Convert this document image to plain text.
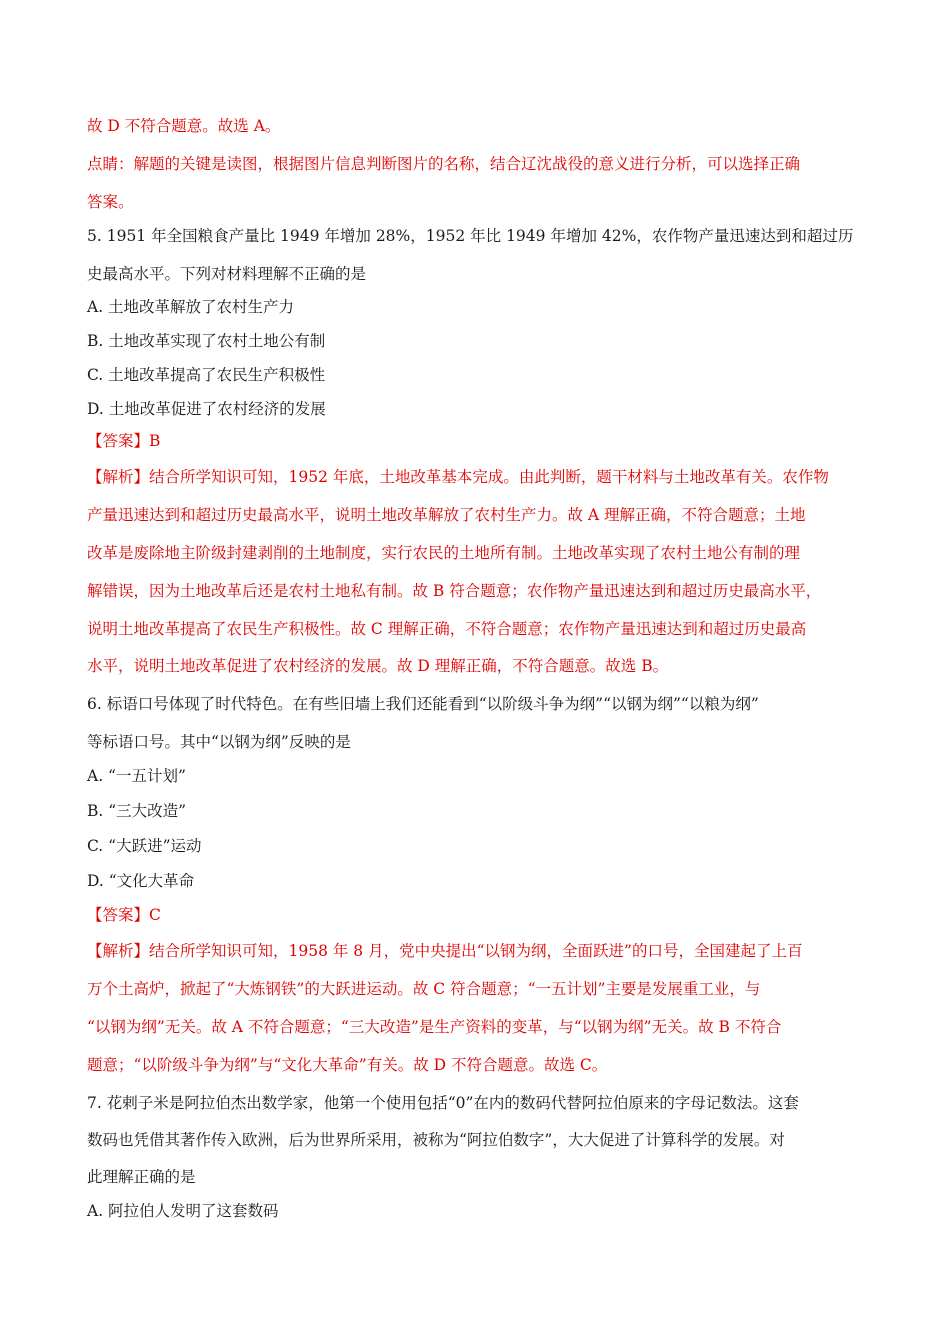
故 D 不符合题意。故选 A。
点睛：解题的关键是读图，根据图片信息判断图片的名称，结合辽沈战役的意义进行分析，可以选择正确
答案。
5. 1951 年全国粮食产量比 1949 年增加 28%，1952 年比 1949 年增加 42%，农作物产量迅速达到和超过历
史最高水平。下列对材料理解不正确的是
A. 土地改革解放了农村生产力
B. 土地改革实现了农村土地公有制
C. 土地改革提高了农民生产积极性
D. 土地改革促进了农村经济的发展
【答案】B
【解析】结合所学知识可知，1952 年底，土地改革基本完成。由此判断，题干材料与土地改革有关。农作物
产量迅速达到和超过历史最高水平，说明土地改革解放了农村生产力。故 A 理解正确，不符合题意；土地
改革是废除地主阶级封建剥削的土地制度，实行农民的土地所有制。土地改革实现了农村土地公有制的理
解错误，因为土地改革后还是农村土地私有制。故 B 符合题意；农作物产量迅速达到和超过历史最高水平，
说明土地改革提高了农民生产积极性。故 C 理解正确，不符合题意；农作物产量迅速达到和超过历史最高
水平，说明土地改革促进了农村经济的发展。故 D 理解正确，不符合题意。故选 B。
6. 标语口号体现了时代特色。在有些旧墙上我们还能看到“以阶级斗争为纲”“以钢为纲”“以粮为纲”
等标语口号。其中“以钢为纲”反映的是
A. “一五计划”
B. “三大改造”
C. “大跃进”运动
D. “文化大革命
【答案】C
【解析】结合所学知识可知，1958 年 8 月，党中央提出“以钢为纲，全面跃进”的口号，全国建起了上百
万个土高炉，掀起了“大炼钢铁”的大跃进运动。故 C 符合题意；“一五计划”主要是发展重工业，与
“以钢为纲”无关。故 A 不符合题意；“三大改造”是生产资料的变革，与“以钢为纲”无关。故 B 不符合
题意；“以阶级斗争为纲”与“文化大革命”有关。故 D 不符合题意。故选 C。
7. 花剌子米是阿拉伯杰出数学家，他第一个使用包括“0”在内的数码代替阿拉伯原来的字母记数法。这套
数码也凭借其著作传入欧洲，后为世界所采用，被称为“阿拉伯数字”，大大促进了计算科学的发展。对
此理解正确的是
A. 阿拉伯人发明了这套数码
